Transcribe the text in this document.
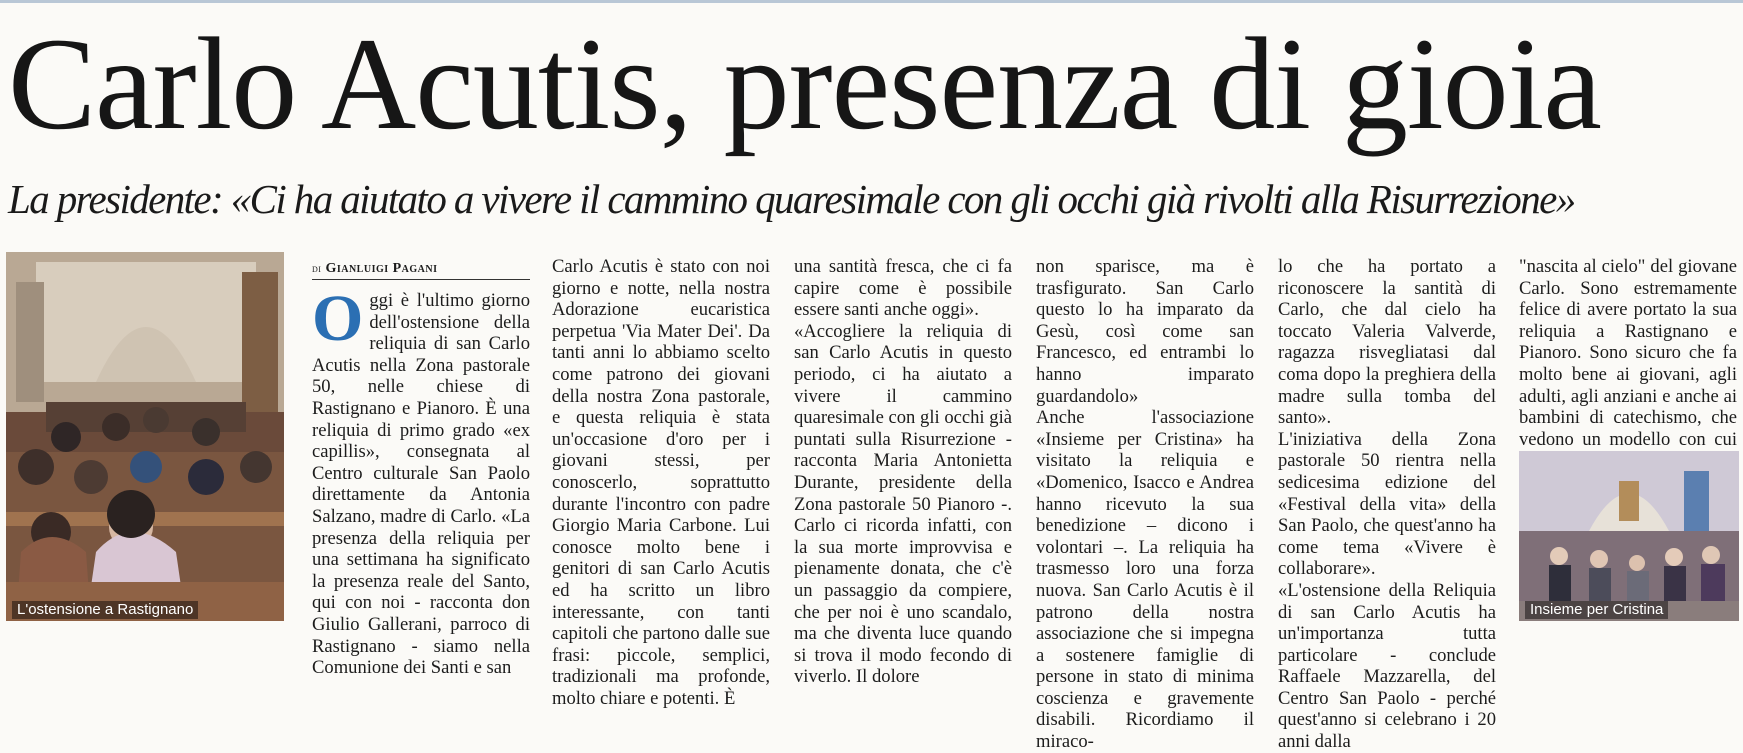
Carlo Acutis, presenza di gioia
La presidente: «Ci ha aiutato a vivere il cammino quaresimale con gli occhi già rivolti alla Risurrezione»
L'ostensione a Rastignano
di Gianluigi Pagani
O ggi è l'ultimo giorno dell'ostensione della reliquia di san Carlo Acutis nella Zona pastorale 50, nelle chiese di Rastignano e Pianoro. È una reliquia di primo grado «ex capillis», consegnata al Centro culturale San Paolo direttamente da Antonia Salzano, madre di Carlo. «La presenza della reliquia per una settimana ha significato la presenza reale del Santo, qui con noi - racconta don Giulio Gallerani, parroco di Rastignano - siamo nella Comunione dei Santi e san

Carlo Acutis è stato con noi giorno e notte, nella nostra Adorazione eucaristica perpetua 'Via Mater Dei'. Da tanti anni lo abbiamo scelto come patrono dei giovani della nostra Zona pastorale, e questa reliquia è stata un'occasione d'oro per i giovani stessi, per conoscerlo, soprattutto durante l'incontro con padre Giorgio Maria Carbone. Lui conosce molto bene i genitori di san Carlo Acutis ed ha scritto un libro interessante, con tanti capitoli che partono dalle sue frasi: piccole, semplici, tradizionali ma profonde, molto chiare e potenti. È

una santità fresca, che ci fa capire come è possibile essere santi anche oggi».

«Accogliere la reliquia di san Carlo Acutis in questo periodo, ci ha aiutato a vivere il cammino quaresimale con gli occhi già puntati sulla Risurrezione - racconta Maria Antonietta Durante, presidente della Zona pastorale 50 Pianoro -. Carlo ci ricorda infatti, con la sua morte improvvisa e pienamente donata, che c'è un passaggio da compiere, che per noi è uno scandalo, ma che diventa luce quando si trova il modo fecondo di viverlo. Il dolore

non sparisce, ma è trasfigurato. San Carlo questo lo ha imparato da Gesù, così come san Francesco, ed entrambi lo hanno imparato guardandolo»

Anche l'associazione «Insieme per Cristina» ha visitato la reliquia e «Domenico, Isacco e Andrea hanno ricevuto la sua benedizione – dicono i volontari –. La reliquia ha trasmesso loro una forza nuova. San Carlo Acutis è il patrono della nostra associazione che si impegna a sostenere famiglie di persone in stato di minima coscienza e gravemente disabili. Ricordiamo il miraco-

lo che ha portato a riconoscere la santità di Carlo, che dal cielo ha toccato Valeria Valverde, ragazza risvegliatasi dal coma dopo la preghiera della madre sulla tomba del santo».

L'iniziativa della Zona pastorale 50 rientra nella sedicesima edizione del «Festival della vita» della San Paolo, che quest'anno ha come tema «Vivere è collaborare».

«L'ostensione della Reliquia di san Carlo Acutis ha un'importanza tutta particolare - conclude Raffaele Mazzarella, del Centro San Paolo - perché quest'anno si celebrano i 20 anni dalla

"nascita al cielo" del giovane Carlo. Sono estremamente felice di avere portato la sua reliquia a Rastignano e Pianoro. Sono sicuro che fa molto bene ai giovani, agli adulti, agli anziani e anche ai bambini di catechismo, che vedono un modello con cui

Insieme per Cristina
